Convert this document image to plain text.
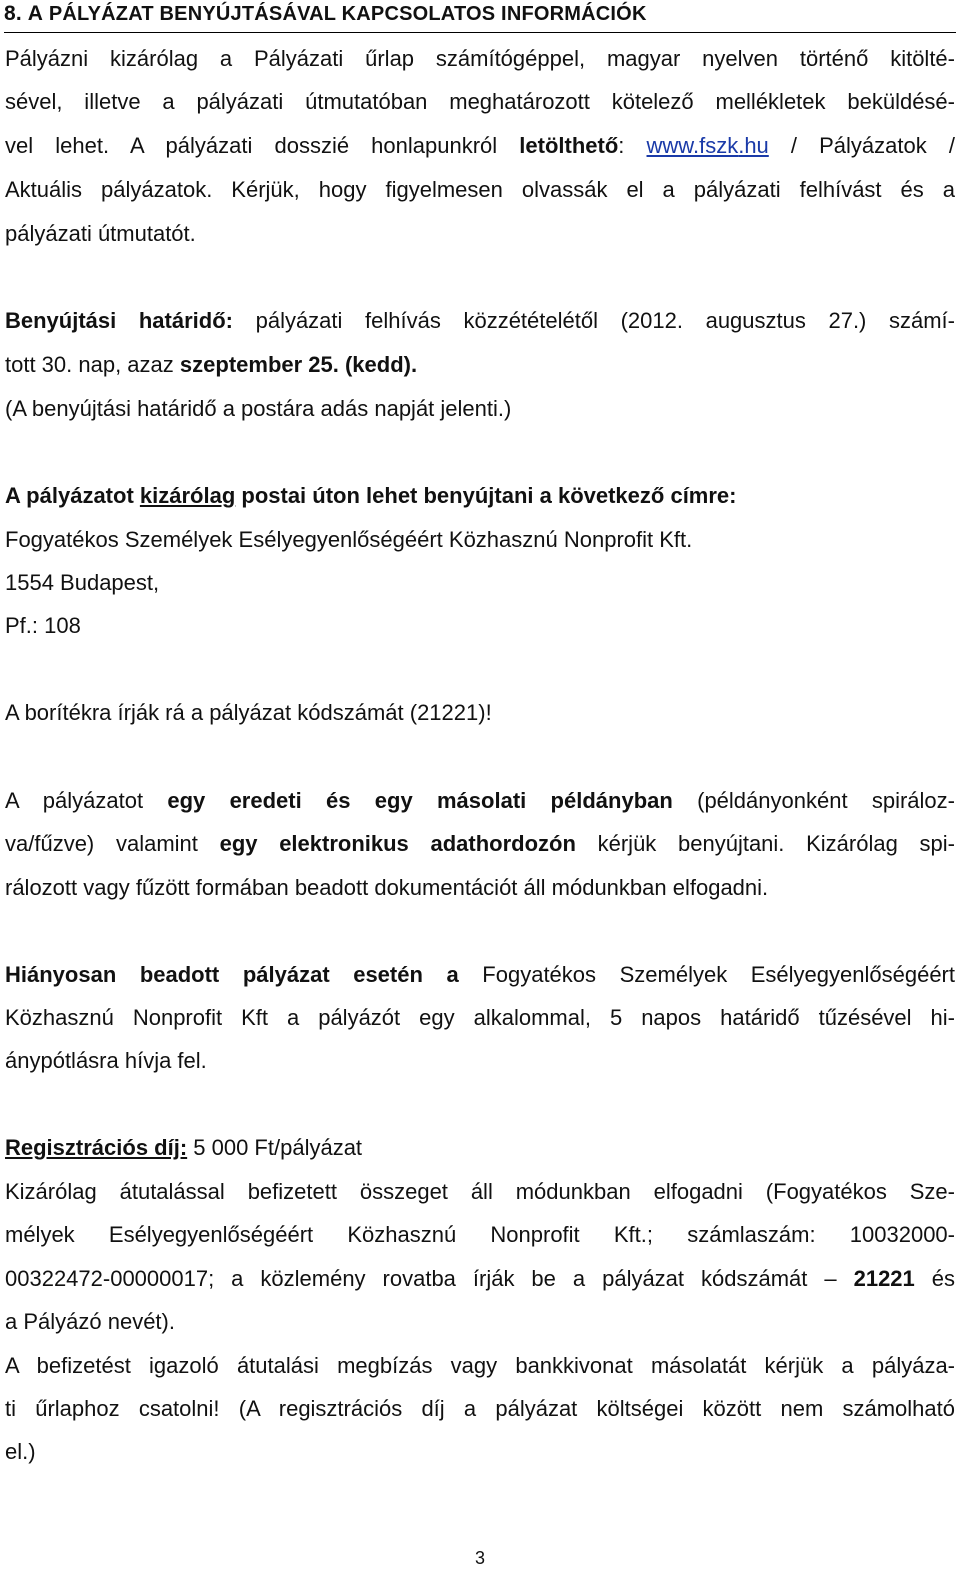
8. A PÁLYÁZAT BENYÚJTÁSÁVAL KAPCSOLATOS INFORMÁCIÓK
Pályázni kizárólag a Pályázati űrlap számítógéppel, magyar nyelven történő kitölté-
sével, illetve a pályázati útmutatóban meghatározott kötelező mellékletek beküldésé-
vel lehet. A pályázati dosszié honlapunkról letölthető: www.fszk.hu / Pályázatok /
Aktuális pályázatok. Kérjük, hogy figyelmesen olvassák el a pályázati felhívást és a
pályázati útmutatót.
Benyújtási határidő: pályázati felhívás közzétételétől (2012. augusztus 27.) számí-
tott 30. nap, azaz szeptember 25. (kedd).
(A benyújtási határidő a postára adás napját jelenti.)
A pályázatot kizárólag postai úton lehet benyújtani a következő címre:
Fogyatékos Személyek Esélyegyenlőségéért Közhasznú Nonprofit Kft.
1554 Budapest,
Pf.: 108
A borítékra írják rá a pályázat kódszámát (21221)!
A pályázatot egy eredeti és egy másolati példányban (példányonként spirálоz-
va/fűzve) valamint egy elektronikus adathordozón kérjük benyújtani. Kizárólag spi-
rálozott vagy fűzött formában beadott dokumentációt áll módunkban elfogadni.
Hiányosan beadott pályázat esetén a Fogyatékos Személyek Esélyegyenlőségéért
Közhasznú Nonprofit Kft a pályázót egy alkalommal, 5 napos határidő tűzésével hi-
ánypótlásra hívja fel.
Regisztrációs díj: 5 000 Ft/pályázat
Kizárólag átutalással befizetett összeget áll módunkban elfogadni (Fogyatékos Sze-
mélyek Esélyegyenlőségéért Közhasznú Nonprofit Kft.; számlaszám: 10032000-
00322472-00000017; a közlemény rovatba írják be a pályázat kódszámát – 21221 és
a Pályázó nevét).
A befizetést igazoló átutalási megbízás vagy bankkivonat másolatát kérjük a pályáza-
ti űrlaphoz csatolni! (A regisztrációs díj a pályázat költségei között nem számolható
el.)
3
